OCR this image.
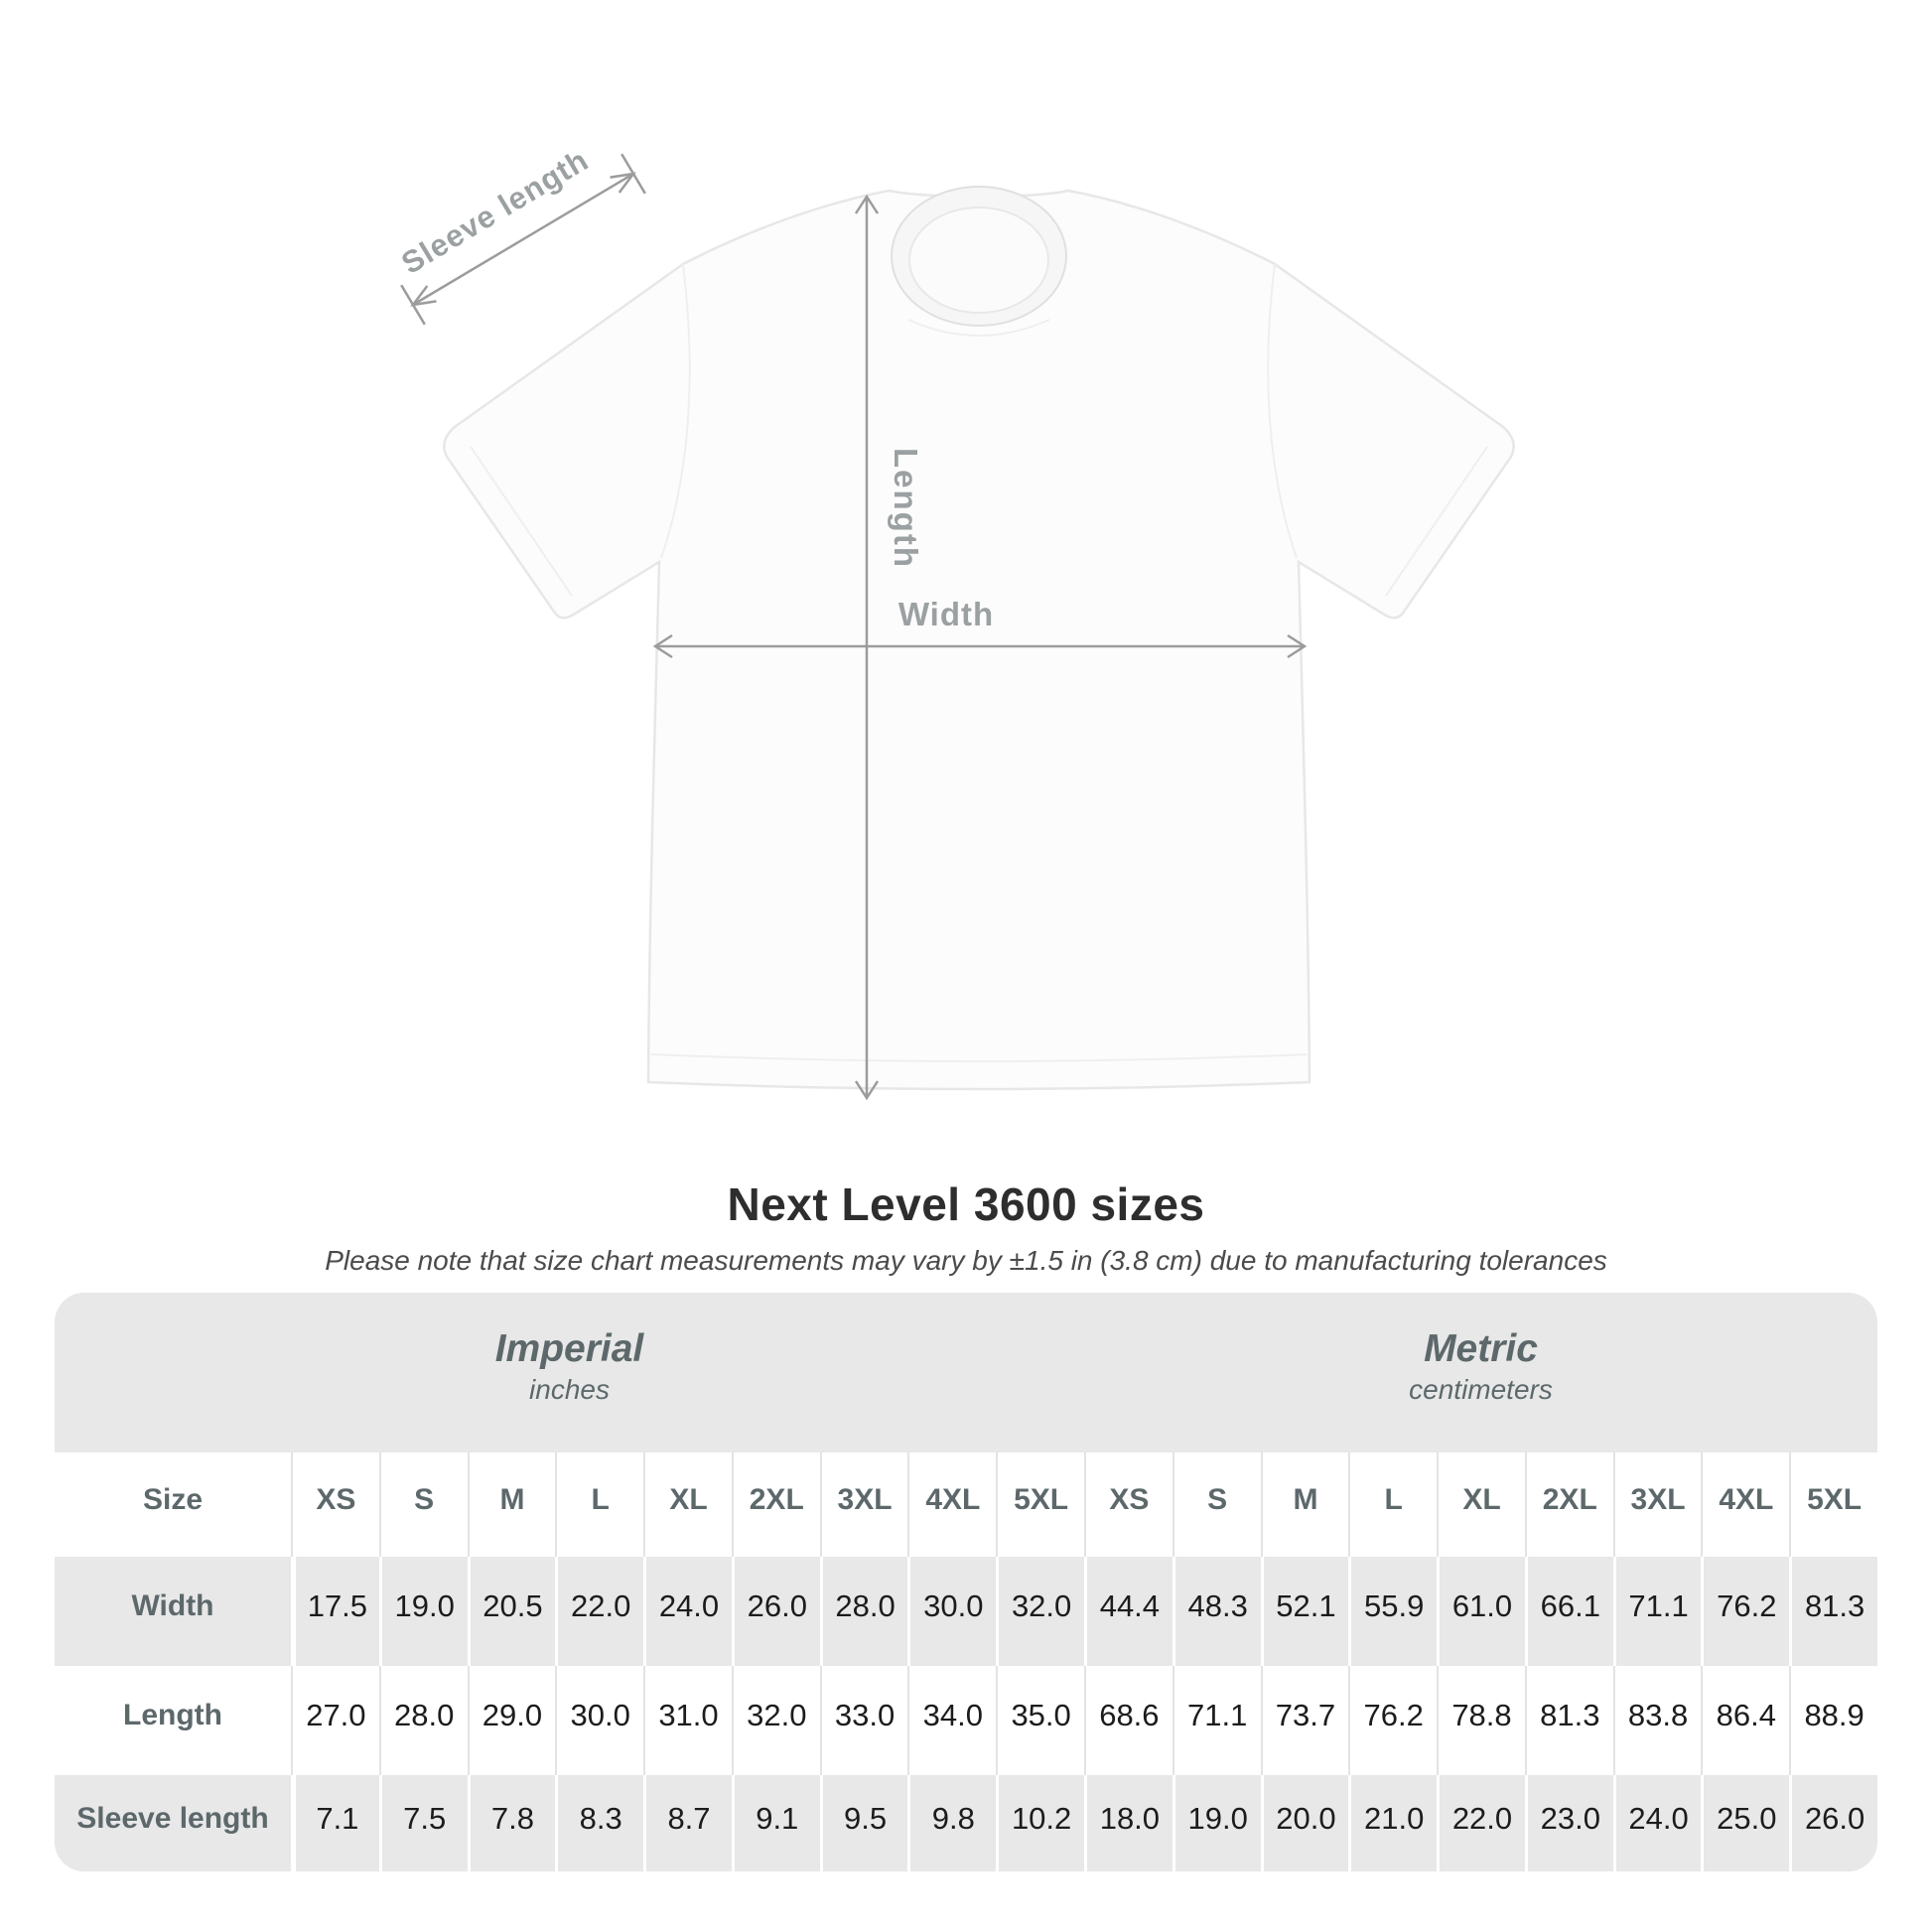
Sleeve length
Length
Width
Next Level 3600 sizes

Please note that size chart measurements may vary by ±1.5 in (3.8 cm) due to manufacturing tolerances

Imperial
inches
Metric
centimeters
Size	XS	S	M	L	XL	2XL	3XL	4XL	5XL	XS	S	M	L	XL	2XL	3XL	4XL	5XL
Width	17.5 19.0 20.5 22.0 24.0 26.0 28.0 30.0 32.0 44.4 48.3 52.1 55.9 61.0 66.1 71.1 76.2 81.3
Length	27.0 28.0 29.0 30.0 31.0 32.0 33.0 34.0 35.0 68.6 71.1 73.7 76.2 78.8 81.3 83.8 86.4 88.9
Sleeve length	7.1	7.5	7.8	8.3	8.7	9.1	9.5	9.8	10.2 18.0 19.0 20.0 21.0 22.0 23.0 24.0 25.0 26.0
